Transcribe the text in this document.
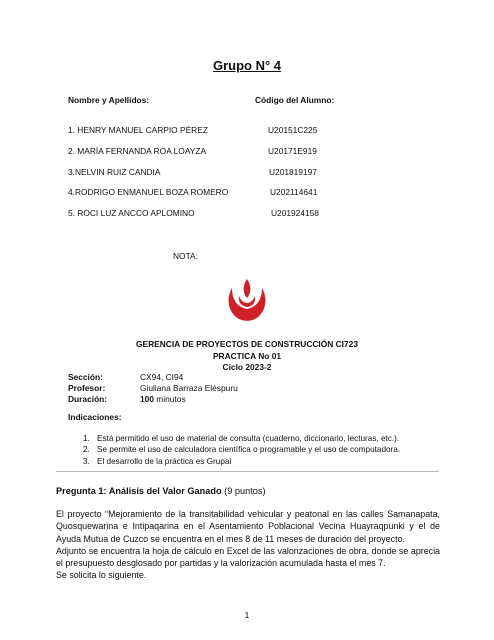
Grupo N° 4
Nombre y Apellidos:	Código del Alumno:
1. HENRY MANUEL CARPIO PÉREZ	U20151C225
2. MARÍA FERNANDA ROA LOAYZA	U20171E919
3.NELVIN RUIZ CANDIA	U201819197
4.RODRIGO ENMANUEL BOZA ROMERO	U202114641
5. ROCI LUZ ANCCO APLOMINO	U201924158
NOTA:
GERENCIA DE PROYECTOS DE CONSTRUCCIÓN CI723
PRACTICA No 01
Ciclo 2023-2
Sección:	CX94, CI94
Profesor:	Giuliana Barraza Eléspuru
Duración:	100 minutos
Indicaciones:
1. Está permitido el uso de material de consulta (cuaderno, diccionario, lecturas, etc.).
2. Se permite el uso de calculadora científica o programable y el uso de computadora.
3. El desarrollo de la práctica es Grupal
Pregunta 1: Análisis del Valor Ganado (9 puntos)
El proyecto “Mejoramiento de la transitabilidad vehicular y peatonal en las calles Samanapata,
Quosquewarina e Intipaqarina en el Asentamiento Poblacional Vecina Huayraqpunki y el de
Ayuda Mutua de Cuzco se encuentra en el mes 8 de 11 meses de duración del proyecto.
Adjunto se encuentra la hoja de cálculo en Excel de las valorizaciones de obra, donde se aprecia
el presupuesto desglosado por partidas y la valorización acumulada hasta el mes 7.
Se solicita lo siguiente.
1
